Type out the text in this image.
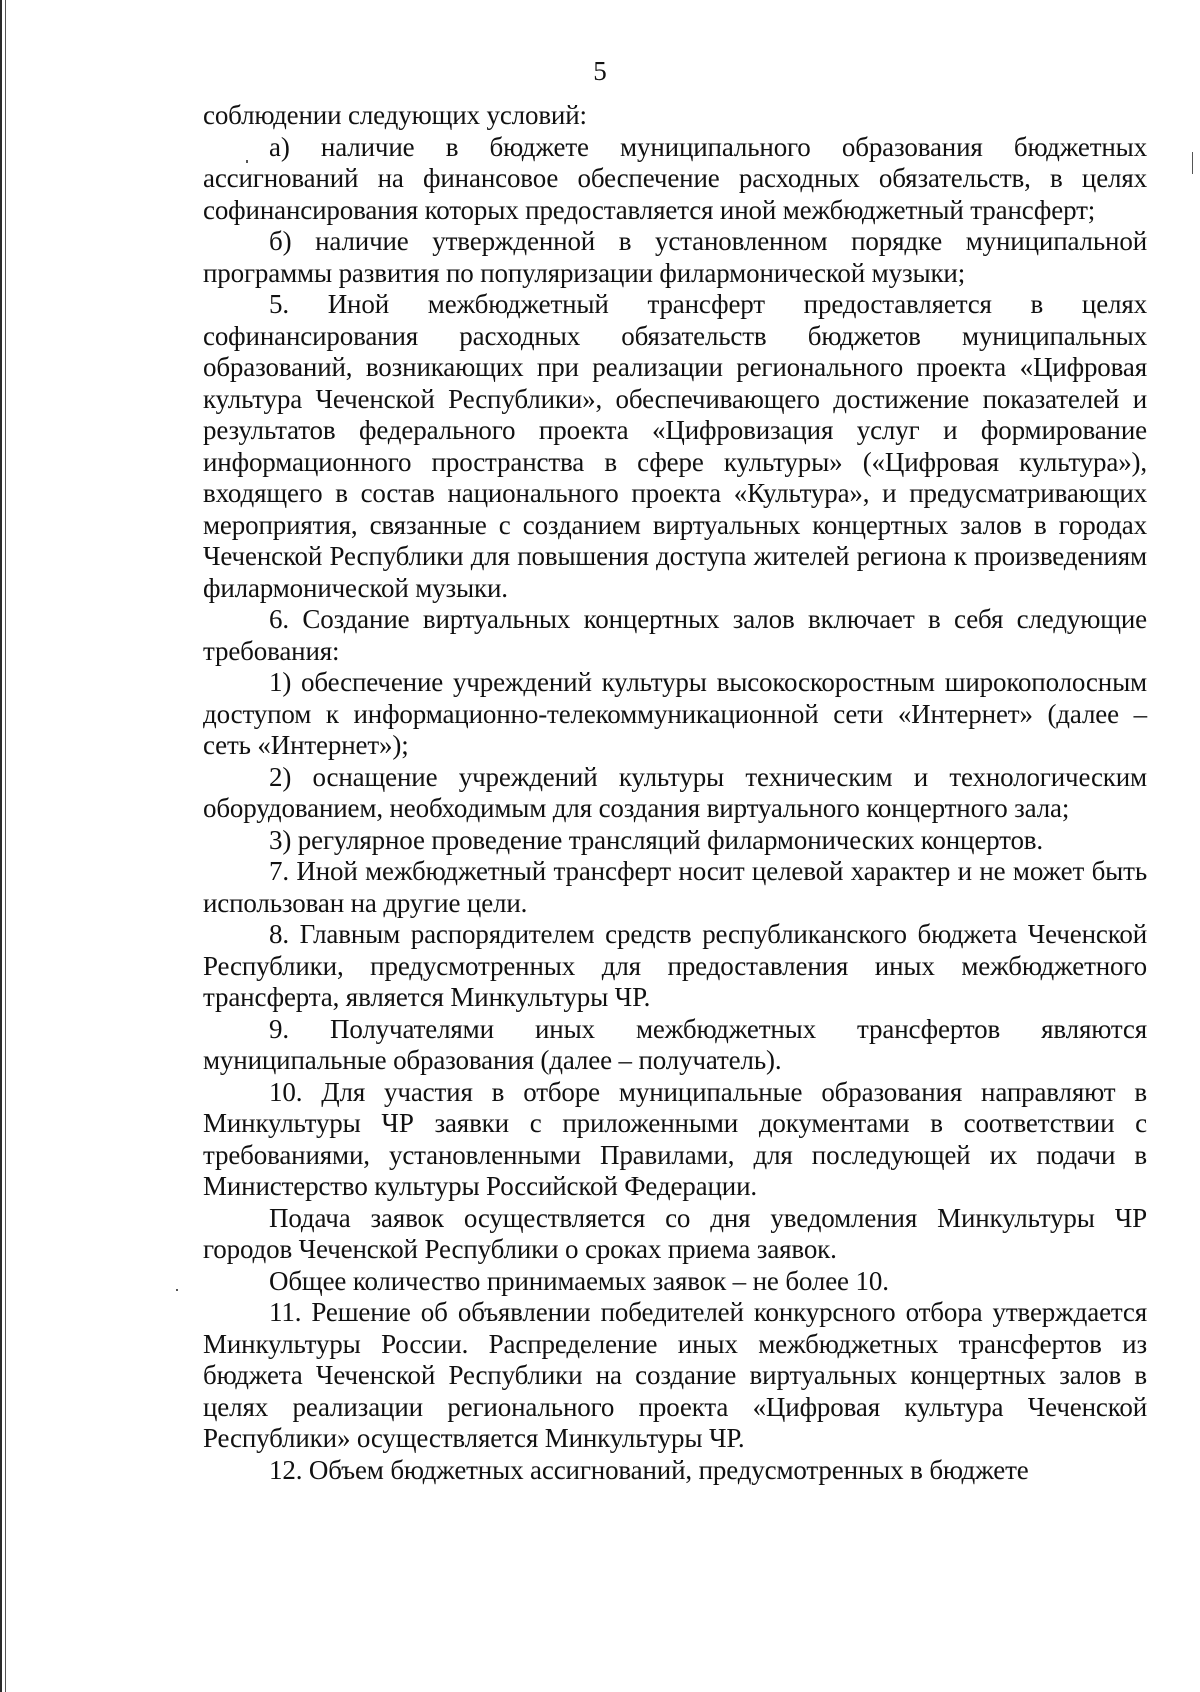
5

соблюдении следующих условий:

а) наличие в бюджете муниципального образования бюджетных ассигнований на финансовое обеспечение расходных обязательств, в целях софинансирования которых предоставляется иной межбюджетный трансферт;

б) наличие утвержденной в установленном порядке муниципальной программы развития по популяризации филармонической музыки;

5. Иной межбюджетный трансферт предоставляется в целях софинансирования расходных обязательств бюджетов муниципальных образований, возникающих при реализации регионального проекта «Цифровая культура Чеченской Республики», обеспечивающего достижение показателей и результатов федерального проекта «Цифровизация услуг и формирование информационного пространства в сфере культуры» («Цифровая культура»), входящего в состав национального проекта «Культура», и предусматривающих мероприятия, связанные с созданием виртуальных концертных залов в городах Чеченской Республики для повышения доступа жителей региона к произведениям филармонической музыки.

6. Создание виртуальных концертных залов включает в себя следующие требования:

1) обеспечение учреждений культуры высокоскоростным широкополосным доступом к информационно-телекоммуникационной сети «Интернет» (далее – сеть «Интернет»);

2) оснащение учреждений культуры техническим и технологическим оборудованием, необходимым для создания виртуального концертного зала;

3) регулярное проведение трансляций филармонических концертов.

7. Иной межбюджетный трансферт носит целевой характер и не может быть использован на другие цели.

8. Главным распорядителем средств республиканского бюджета Чеченской Республики, предусмотренных для предоставления иных межбюджетного трансферта, является Минкультуры ЧР.

9. Получателями иных межбюджетных трансфертов являются муниципальные образования (далее – получатель).

10. Для участия в отборе муниципальные образования направляют в Минкультуры ЧР заявки с приложенными документами в соответствии с требованиями, установленными Правилами, для последующей их подачи в Министерство культуры Российской Федерации.

Подача заявок осуществляется со дня уведомления Минкультуры ЧР городов Чеченской Республики о сроках приема заявок.

Общее количество принимаемых заявок – не более 10.

11. Решение об объявлении победителей конкурсного отбора утверждается Минкультуры России. Распределение иных межбюджетных трансфертов из бюджета Чеченской Республики на создание виртуальных концертных залов в целях реализации регионального проекта «Цифровая культура Чеченской Республики» осуществляется Минкультуры ЧР.

12. Объем бюджетных ассигнований, предусмотренных в бюджете
